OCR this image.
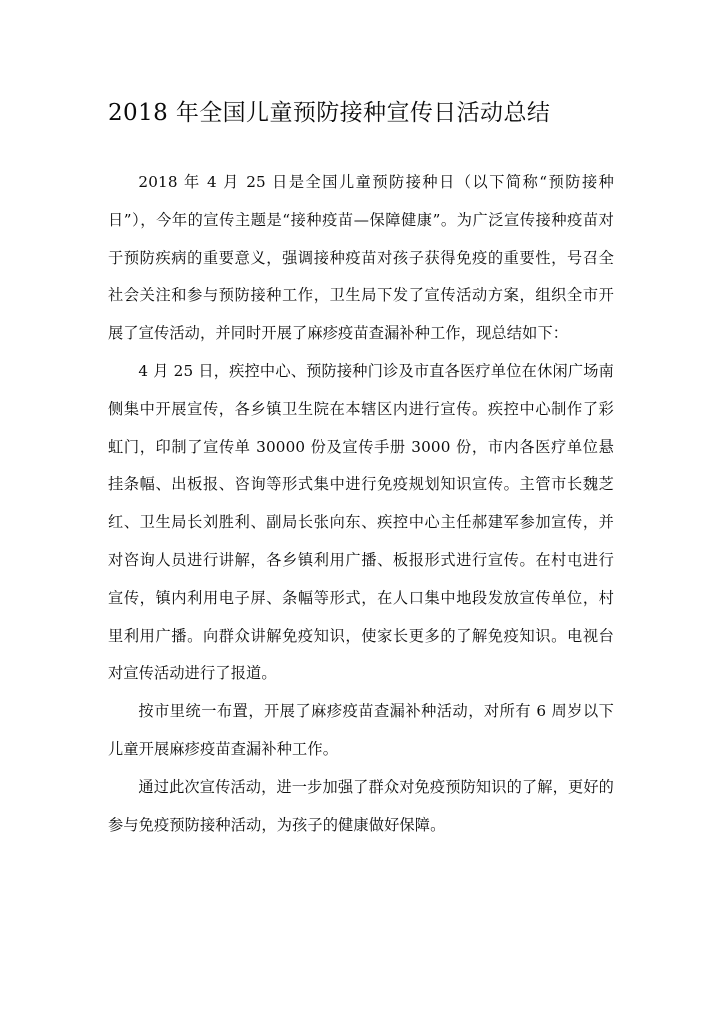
2018 年全国儿童预防接种宣传日活动总结

2018 年 4 月 25 日是全国儿童预防接种日（以下简称“预防接种日”），今年的宣传主题是“接种疫苗—保障健康”。为广泛宣传接种疫苗对于预防疾病的重要意义，强调接种疫苗对孩子获得免疫的重要性，号召全社会关注和参与预防接种工作，卫生局下发了宣传活动方案，组织全市开展了宣传活动，并同时开展了麻疹疫苗查漏补种工作，现总结如下：

4 月 25 日，疾控中心、预防接种门诊及市直各医疗单位在休闲广场南侧集中开展宣传，各乡镇卫生院在本辖区内进行宣传。疾控中心制作了彩虹门，印制了宣传单 30000 份及宣传手册 3000 份，市内各医疗单位悬挂条幅、出板报、咨询等形式集中进行免疫规划知识宣传。主管市长魏芝红、卫生局长刘胜利、副局长张向东、疾控中心主任郝建军参加宣传，并对咨询人员进行讲解，各乡镇利用广播、板报形式进行宣传。在村屯进行宣传，镇内利用电子屏、条幅等形式，在人口集中地段发放宣传单位，村里利用广播。向群众讲解免疫知识，使家长更多的了解免疫知识。电视台对宣传活动进行了报道。

按市里统一布置，开展了麻疹疫苗查漏补种活动，对所有 6 周岁以下儿童开展麻疹疫苗查漏补种工作。

通过此次宣传活动，进一步加强了群众对免疫预防知识的了解，更好的参与免疫预防接种活动，为孩子的健康做好保障。
